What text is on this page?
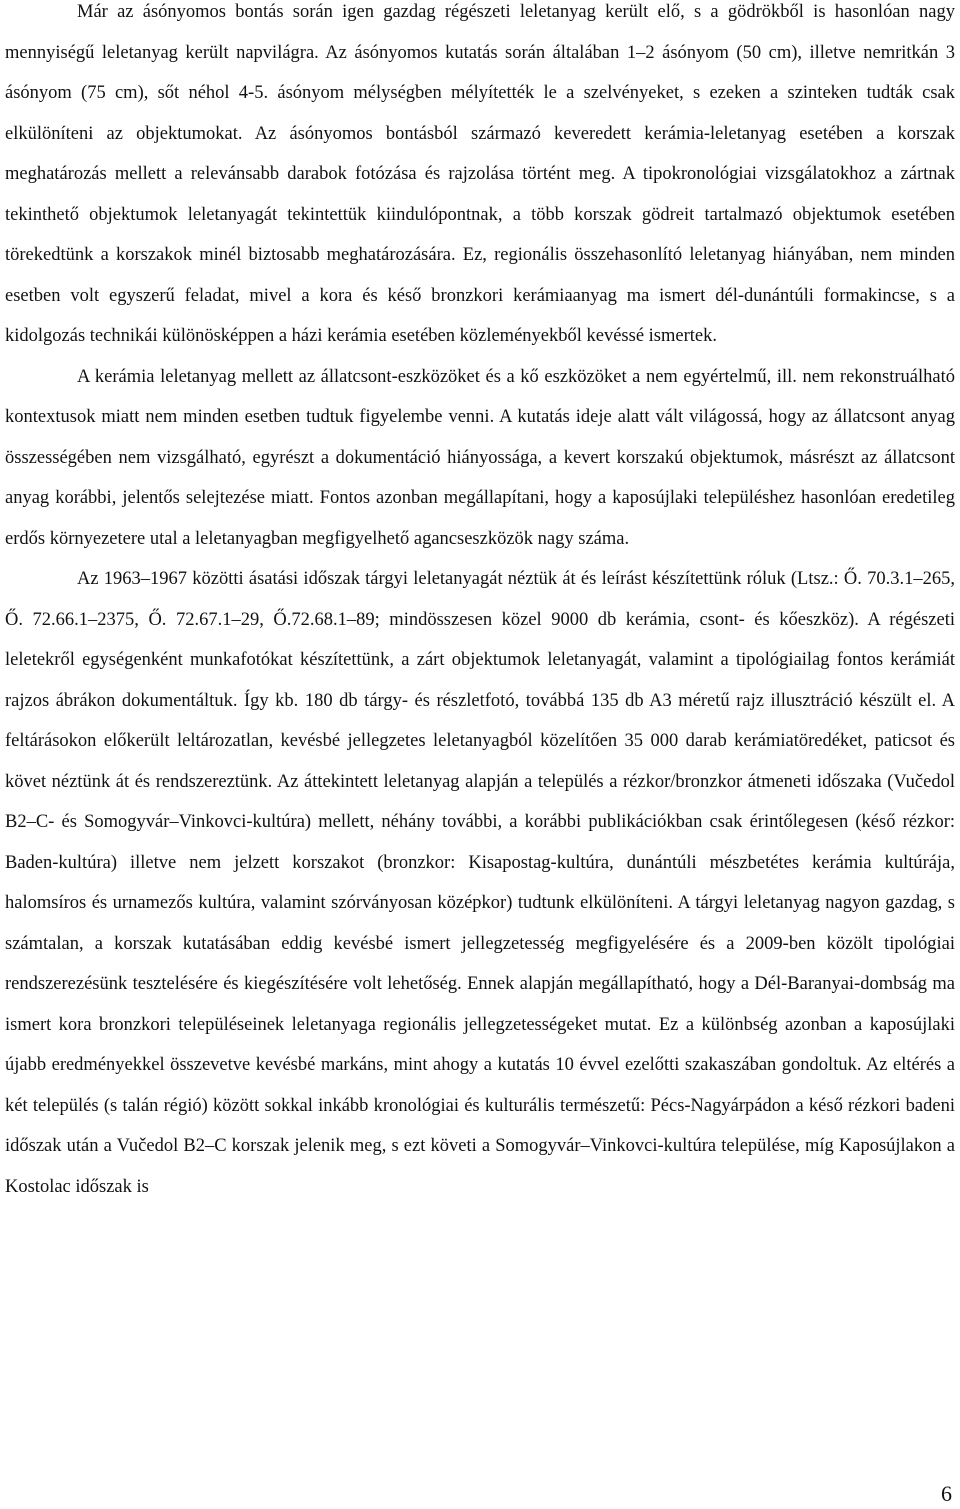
Már az ásónyomos bontás során igen gazdag régészeti leletanyag került elő, s a gödrökből is hasonlóan nagy mennyiségű leletanyag került napvilágra. Az ásónyomos kutatás során általában 1–2 ásónyom (50 cm), illetve nemritkán 3 ásónyom (75 cm), sőt néhol 4-5. ásónyom mélységben mélyítették le a szelvényeket, s ezeken a szinteken tudták csak elkülöníteni az objektumokat. Az ásónyomos bontásból származó keveredett kerámia-leletanyag esetében a korszak meghatározás mellett a relevánsabb darabok fotózása és rajzolása történt meg. A tipokronológiai vizsgálatokhoz a zártnak tekinthető objektumok leletanyagát tekintettük kiindulópontnak, a több korszak gödreit tartalmazó objektumok esetében törekedtünk a korszakok minél biztosabb meghatározására. Ez, regionális összehasonlító leletanyag hiányában, nem minden esetben volt egyszerű feladat, mivel a kora és késő bronzkori kerámiaanyag ma ismert dél-dunántúli formakincse, s a kidolgozás technikái különösképpen a házi kerámia esetében közleményekből kevéssé ismertek.

A kerámia leletanyag mellett az állatcsont-eszközöket és a kő eszközöket a nem egyértelmű, ill. nem rekonstruálható kontextusok miatt nem minden esetben tudtuk figyelembe venni. A kutatás ideje alatt vált világossá, hogy az állatcsont anyag összességében nem vizsgálható, egyrészt a dokumentáció hiányossága, a kevert korszakú objektumok, másrészt az állatcsont anyag korábbi, jelentős selejtezése miatt. Fontos azonban megállapítani, hogy a kaposújlaki településhez hasonlóan eredetileg erdős környezetere utal a leletanyagban megfigyelhető agancseszközök nagy száma.

Az 1963–1967 közötti ásatási időszak tárgyi leletanyagát néztük át és leírást készítettünk róluk (Ltsz.: Ő. 70.3.1–265, Ő. 72.66.1–2375, Ő. 72.67.1–29, Ő.72.68.1–89; mindösszesen közel 9000 db kerámia, csont- és kőeszköz). A régészeti leletekről egységenként munkafotókat készítettünk, a zárt objektumok leletanyagát, valamint a tipológiailag fontos kerámiát rajzos ábrákon dokumentáltuk. Így kb. 180 db tárgy- és részletfotó, továbbá 135 db A3 méretű rajz illusztráció készült el. A feltárásokon előkerült leltározatlan, kevésbé jellegzetes leletanyagból közelítően 35 000 darab kerámiatöredéket, paticsot és követ néztünk át és rendszereztünk. Az áttekintett leletanyag alapján a település a rézkor/bronzkor átmeneti időszaka (Vučedol B2–C- és Somogyvár–Vinkovci-kultúra) mellett, néhány további, a korábbi publikációkban csak érintőlegesen (késő rézkor: Baden-kultúra) illetve nem jelzett korszakot (bronzkor: Kisapostag-kultúra, dunántúli mészbetétes kerámia kultúrája, halomsíros és urnamezős kultúra, valamint szórványosan középkor) tudtunk elkülöníteni. A tárgyi leletanyag nagyon gazdag, s számtalan, a korszak kutatásában eddig kevésbé ismert jellegzetesség megfigyelésére és a 2009-ben közölt tipológiai rendszerezésünk tesztelésére és kiegészítésére volt lehetőség. Ennek alapján megállapítható, hogy a Dél-Baranyai-dombság ma ismert kora bronzkori településeinek leletanyaga regionális jellegzetességeket mutat. Ez a különbség azonban a kaposújlaki újabb eredményekkel összevetve kevésbé markáns, mint ahogy a kutatás 10 évvel ezelőtti szakaszában gondoltuk. Az eltérés a két település (s talán régió) között sokkal inkább kronológiai és kulturális természetű: Pécs-Nagyárpádon a késő rézkori badeni időszak után a Vučedol B2–C korszak jelenik meg, s ezt követi a Somogyvár–Vinkovci-kultúra települése, míg Kaposújlakon a Kostolac időszak is

6
